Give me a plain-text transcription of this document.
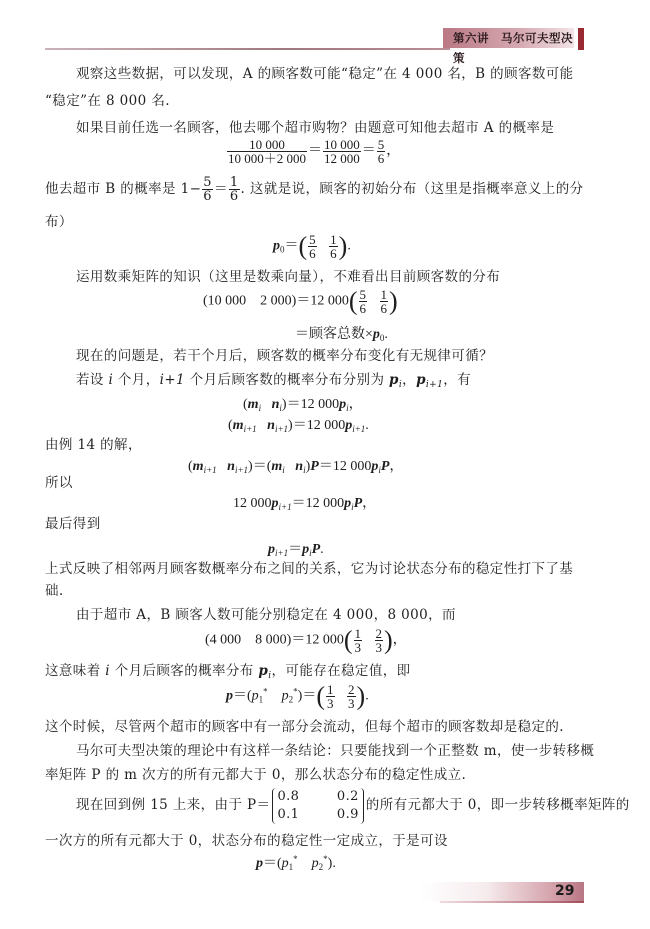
第六讲　马尔可夫型决策
观察这些数据，可以发现，A 的顾客数可能“稳定”在 4 000 名，B 的顾客数可能
“稳定”在 8 000 名.
如果目前任选一名顾客，他去哪个超市购物？由题意可知他去超市 A 的概率是
$\frac{10 000}{10 000+2 000} = \frac{10 000}{12 000} = \frac{5}{6}$ ，
他去超市 B 的概率是 $1- \frac{5}{6} = \frac{1}{6}$ . 这就是说，顾客的初始分布（这里是指概率意义上的分
布）
$p_0=( \frac{5}{6}$
$\frac{1}{6}$ ).
运用数乘矩阵的知识（这里是数乘向量），不难看出目前顾客数的分布
(10 000　2 000)＝12 $000( \frac{5}{6}$
$\frac{1}{6}$ )
＝顾客总数$\times p_0$.
现在的问题是，若干个月后，顾客数的概率分布变化有无规律可循？
若设 i 个月，i+1 个月后顾客数的概率分布分别为 $p_i$，$p_{i+1}$，有
($m_i$ $n_i)=12$ $000p_i$，
($m_{i+1}$ $n_{i+1})=12$ $000p_{i+1}$.
由例 14 的解，
($m_{i+1}$ $n_{i+1})=(m_i$ $n_i)P=12$ $000p_iP$，
所以
12 $000p_{i+1}=12$ $000p_iP$，
最后得到
$p_{i+1}=p_iP$.
上式反映了相邻两月顾客数概率分布之间的关系，它为讨论状态分布的稳定性打下了基
础.
由于超市 A，B 顾客人数可能分别稳定在 4 000，8 000，而
(4 000　8 000)＝12 $000( \frac{1}{3}$
$\frac{2}{3}$ )，
这意味着 i 个月后顾客的概率分布 $p_i$，可能存在稳定值，即
$p=(p_1^*$ $p_2^*)=( \frac{1}{3}$
$\frac{2}{3}$ ).
这个时候，尽管两个超市的顾客中有一部分会流动，但每个超市的顾客数却是稳定的.
马尔可夫型决策的理论中有这样一条结论：只要能找到一个正整数 m，使一步转移概
率矩阵 P 的 m 次方的所有元都大于 0，那么状态分布的稳定性成立.
现在回到例 15 上来，由于 P＝
0.8	0.2
0.1	0.9
的所有元都大于 0，即一步转移概率矩阵的
一次方的所有元都大于 0，状态分布的稳定性一定成立，于是可设
$p=(p_1^*$ $p_2^*$).
29
